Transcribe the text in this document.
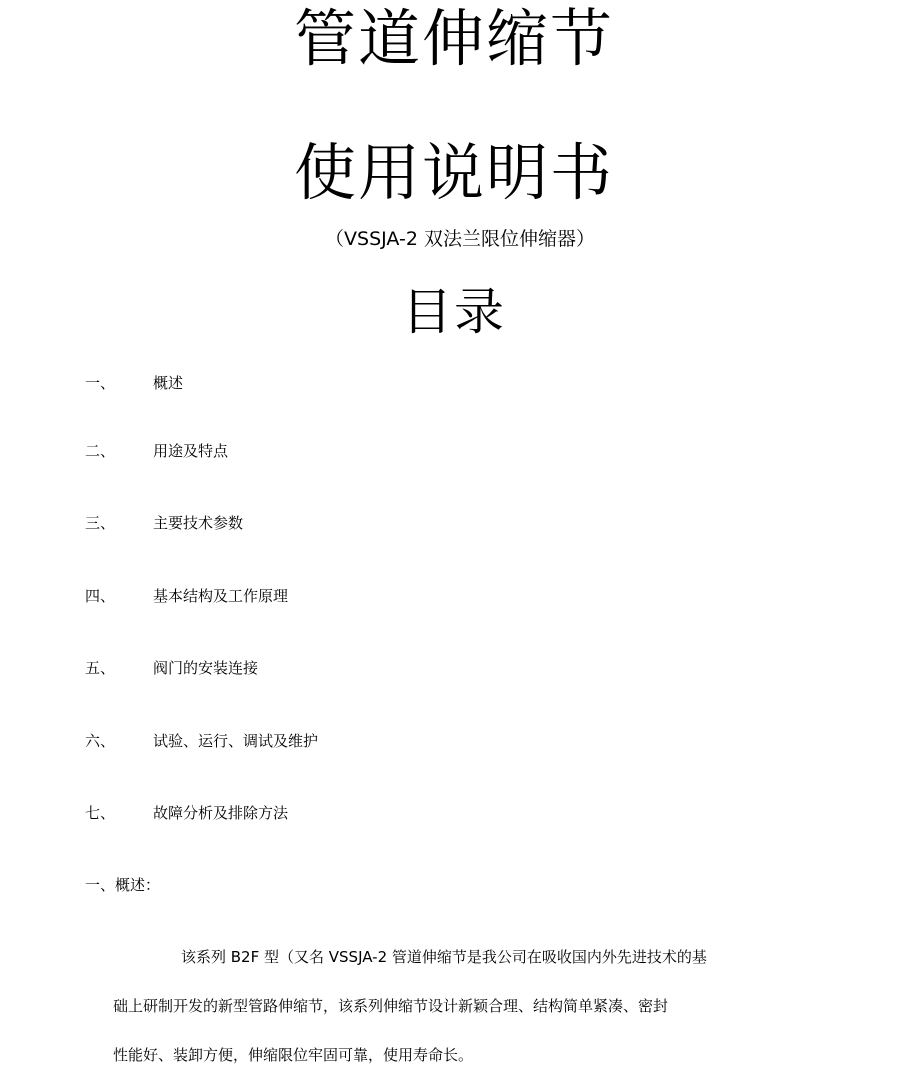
管道伸缩节
使用说明书
（VSSJA-2 双法兰限位伸缩器）
目录
一、	概述
二、	用途及特点
三、	主要技术参数
四、	基本结构及工作原理
五、	阀门的安装连接
六、	试验、运行、调试及维护
七、	故障分析及排除方法
一、概述：
该系列 B2F 型（又名 VSSJA-2 管道伸缩节是我公司在吸收国内外先进技术的基
础上研制开发的新型管路伸缩节，该系列伸缩节设计新颖合理、结构简单紧凑、密封
性能好、装卸方便，伸缩限位牢固可靠，使用寿命长。
